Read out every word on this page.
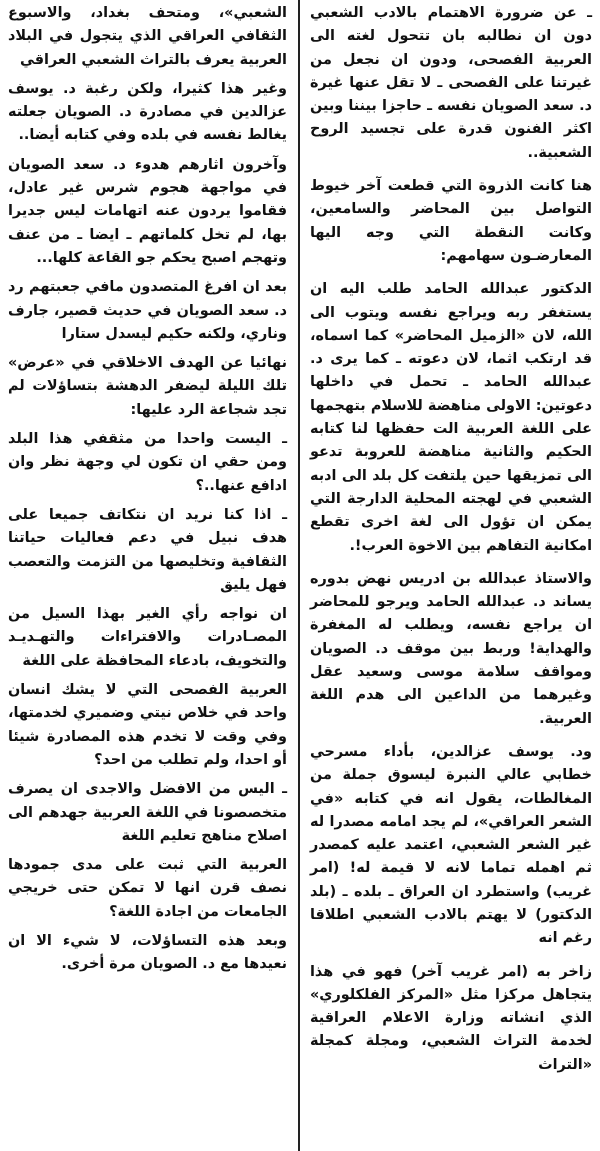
ـ عن ضرورة الاهتمام بالادب الشعبي دون ان نطالبه بان تتحول لغته الى العربية الفصحى، ودون ان نجعل من غيرتنا على الفصحى ـ لا تقل عنها غيرة د. سعد الصويان نفسه ـ حاجزا بيننا وبين اكثر الفنون قدرة على تجسيد الروح الشعبية..

هنا كانت الذروة التي قطعت آخر خيوط التواصل بين المحاضر والسامعين، وكانت النقطة التي وجه اليها المعارضـون سهامهم:

الدكتور عبدالله الحامد طلب اليه ان يستغفر ربه ويراجع نفسه ويتوب الى الله، لان «الزميل المحاضر» كما اسماه، قد ارتكب اثما، لان دعوته ـ كما يرى د. عبدالله الحامد ـ تحمل في داخلها دعوتين: الاولى مناهضة للاسلام بتهجمها على اللغة العربية الت حفظها لنا كتابه الحكيم والثانية مناهضة للعروبة تدعو الى تمزيقها حين يلتفت كل بلد الى ادبه الشعبي في لهجته المحلية الدارجة التي يمكن ان تؤول الى لغة اخرى تقطع امكانية التفاهم بين الاخوة العرب!.

والاستاذ عبدالله بن ادريس نهض بدوره يساند د. عبدالله الحامد ويرجو للمحاضر ان يراجع نفسه، ويطلب له المغفرة والهداية! وربط بين موقف د. الصويان ومواقف سلامة موسى وسعيد عقل وغيرهما من الداعين الى هدم اللغة العربية.

ود. يوسف عزالدين، بأداء مسرحي خطابي عالي النبرة ليسوق جملة من المغالطات، يقول انه في كتابه «في الشعر العراقي»، لم يجد امامه مصدرا له غير الشعر الشعبي، اعتمد عليه كمصدر ثم اهمله تماما لانه لا قيمة له! (امر غريب) واستطرد ان العراق ـ بلده ـ (بلد الدكتور) لا يهتم بالادب الشعبي اطلاقا رغم انه

زاخر به (امر غريب آخر) فهو في هذا يتجاهل مركزا مثل «المركز الفلكلوري» الذي انشاته وزارة الاعلام العراقية لخدمة التراث الشعبي، ومجلة كمجلة «التراث

الشعبي»، ومتحف بغداد، والاسبوع الثقافي العراقي الذي يتجول في البلاد العربية يعرف بالتراث الشعبي العراقي

وغير هذا كثيرا، ولكن رغبة د. يوسف عزالدين في مصادرة د. الصويان جعلته يغالط نفسه في بلده وفي كتابه أيضا..

وآخرون اثارهم هدوء د. سعد الصويان في مواجهة هجوم شرس غير عادل، فقاموا يردون عنه اتهامات ليس جديرا بها، لم تخل كلماتهم ـ ايضا ـ من عنف وتهجم اصبح يحكم جو القاعة كلها...

بعد ان افرغ المتصدون مافي جعبتهم رد د. سعد الصويان في حديث قصير، جارف وناري، ولكنه حكيم ليسدل ستارا

نهائيا عن الهدف الاخلاقي في «عرض» تلك الليلة ليضفر الدهشة بتساؤلات لم تجد شجاعة الرد عليها:

ـ اليست واحدا من مثقفي هذا البلد ومن حقي ان تكون لي وجهة نظر وان ادافع عنها..؟

ـ اذا كنا نريد ان نتكاتف جميعا على هدف نبيل في دعم فعاليات حياتنا الثقافية وتخليصها من التزمت والتعصب فهل يليق

ان نواجه رأي الغير بهذا السيل من المصـادرات والافتراءات والتهـديـد والتخويف، بادعاء المحافظة على اللغة

العربية الفصحى التي لا يشك انسان واحد في خلاص نيتي وضميري لخدمتها، وفي وقت لا تخدم هذه المصادرة شيئا أو احدا، ولم تطلب من احد؟

ـ اليس من الافضل والاجدى ان يصرف متخصصونا في اللغة العربية جهدهم الى اصلاح مناهج تعليم اللغة

العربية التي ثبت على مدى جمودها نصف قرن انها لا تمكن حتى خريجي الجامعات من اجادة اللغة؟

وبعد هذه التساؤلات، لا شيء الا ان نعيدها مع د. الصويان مرة أخرى.
